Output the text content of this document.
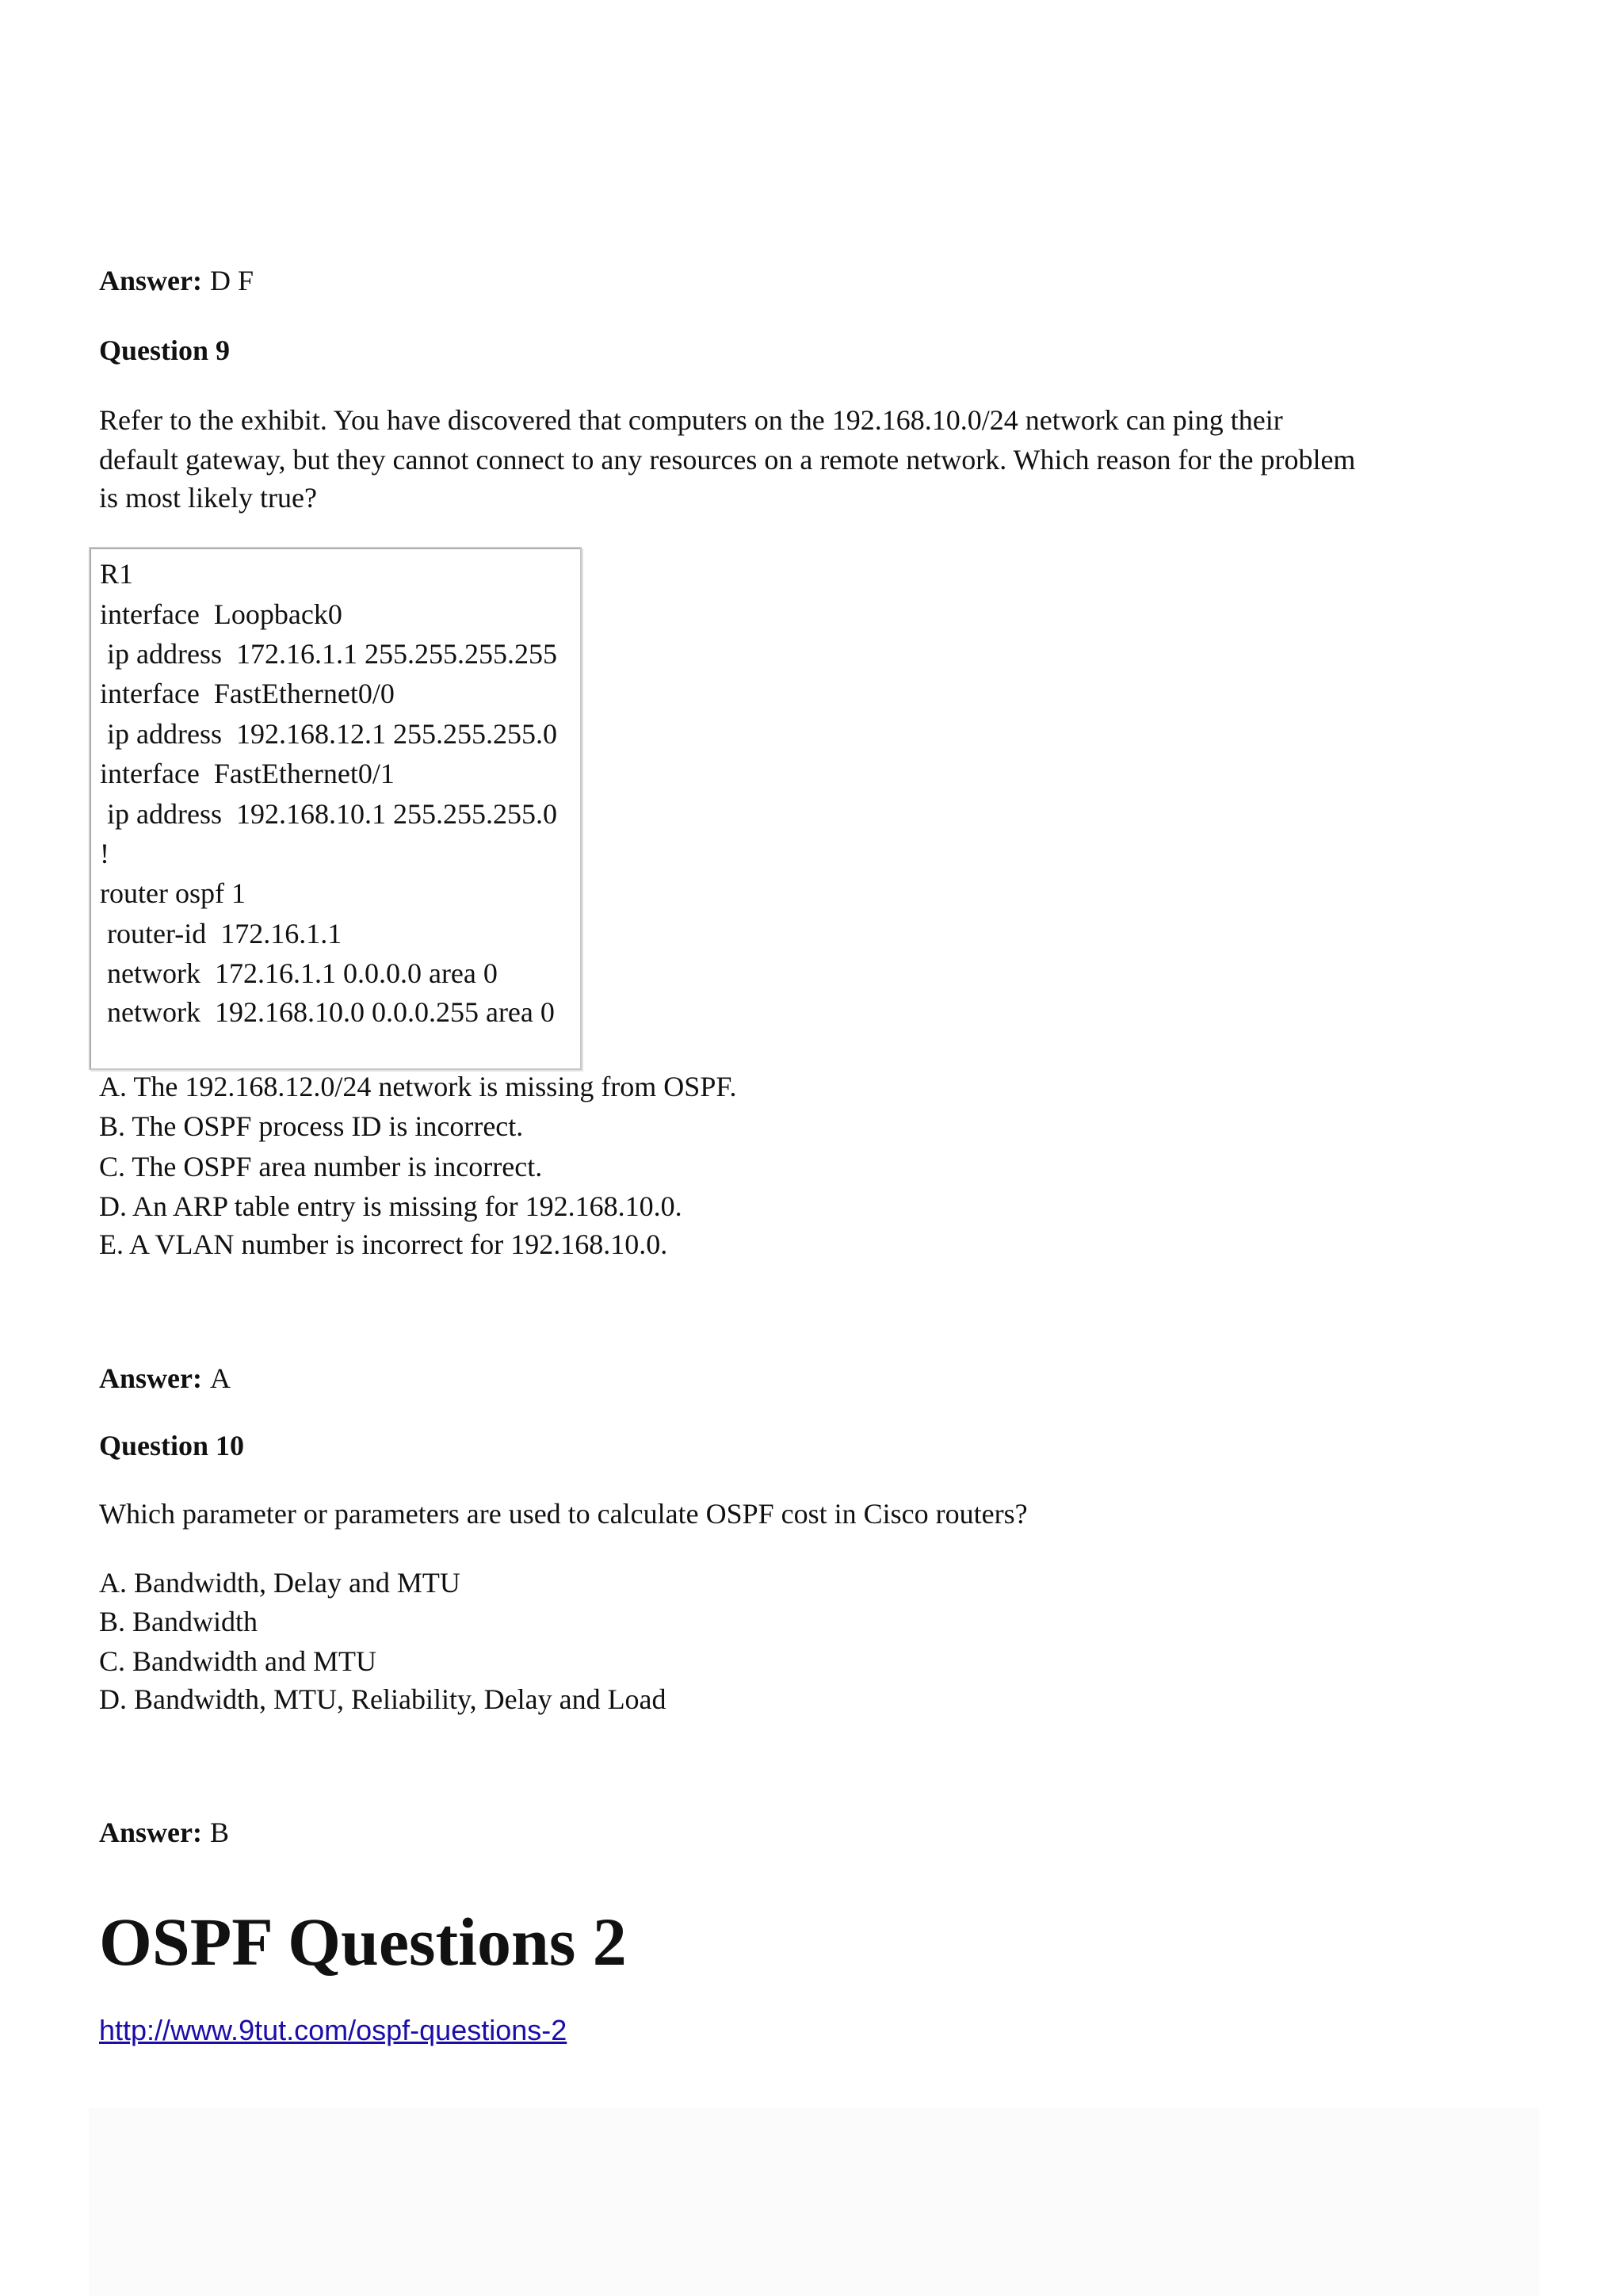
Answer: D F
Question 9
Refer to the exhibit. You have discovered that computers on the 192.168.10.0/24 network can ping their
default gateway, but they cannot connect to any resources on a remote network. Which reason for the problem
is most likely true?
R1
interface  Loopback0
ip address  172.16.1.1 255.255.255.255
interface  FastEthernet0/0
ip address  192.168.12.1 255.255.255.0
interface  FastEthernet0/1
ip address  192.168.10.1 255.255.255.0
!
router ospf 1
router-id  172.16.1.1
network  172.16.1.1 0.0.0.0 area 0
network  192.168.10.0 0.0.0.255 area 0
A. The 192.168.12.0/24 network is missing from OSPF.
B. The OSPF process ID is incorrect.
C. The OSPF area number is incorrect.
D. An ARP table entry is missing for 192.168.10.0.
E. A VLAN number is incorrect for 192.168.10.0.
Answer: A
Question 10
Which parameter or parameters are used to calculate OSPF cost in Cisco routers?
A. Bandwidth, Delay and MTU
B. Bandwidth
C. Bandwidth and MTU
D. Bandwidth, MTU, Reliability, Delay and Load
Answer: B
OSPF Questions 2
http://www.9tut.com/ospf-questions-2
